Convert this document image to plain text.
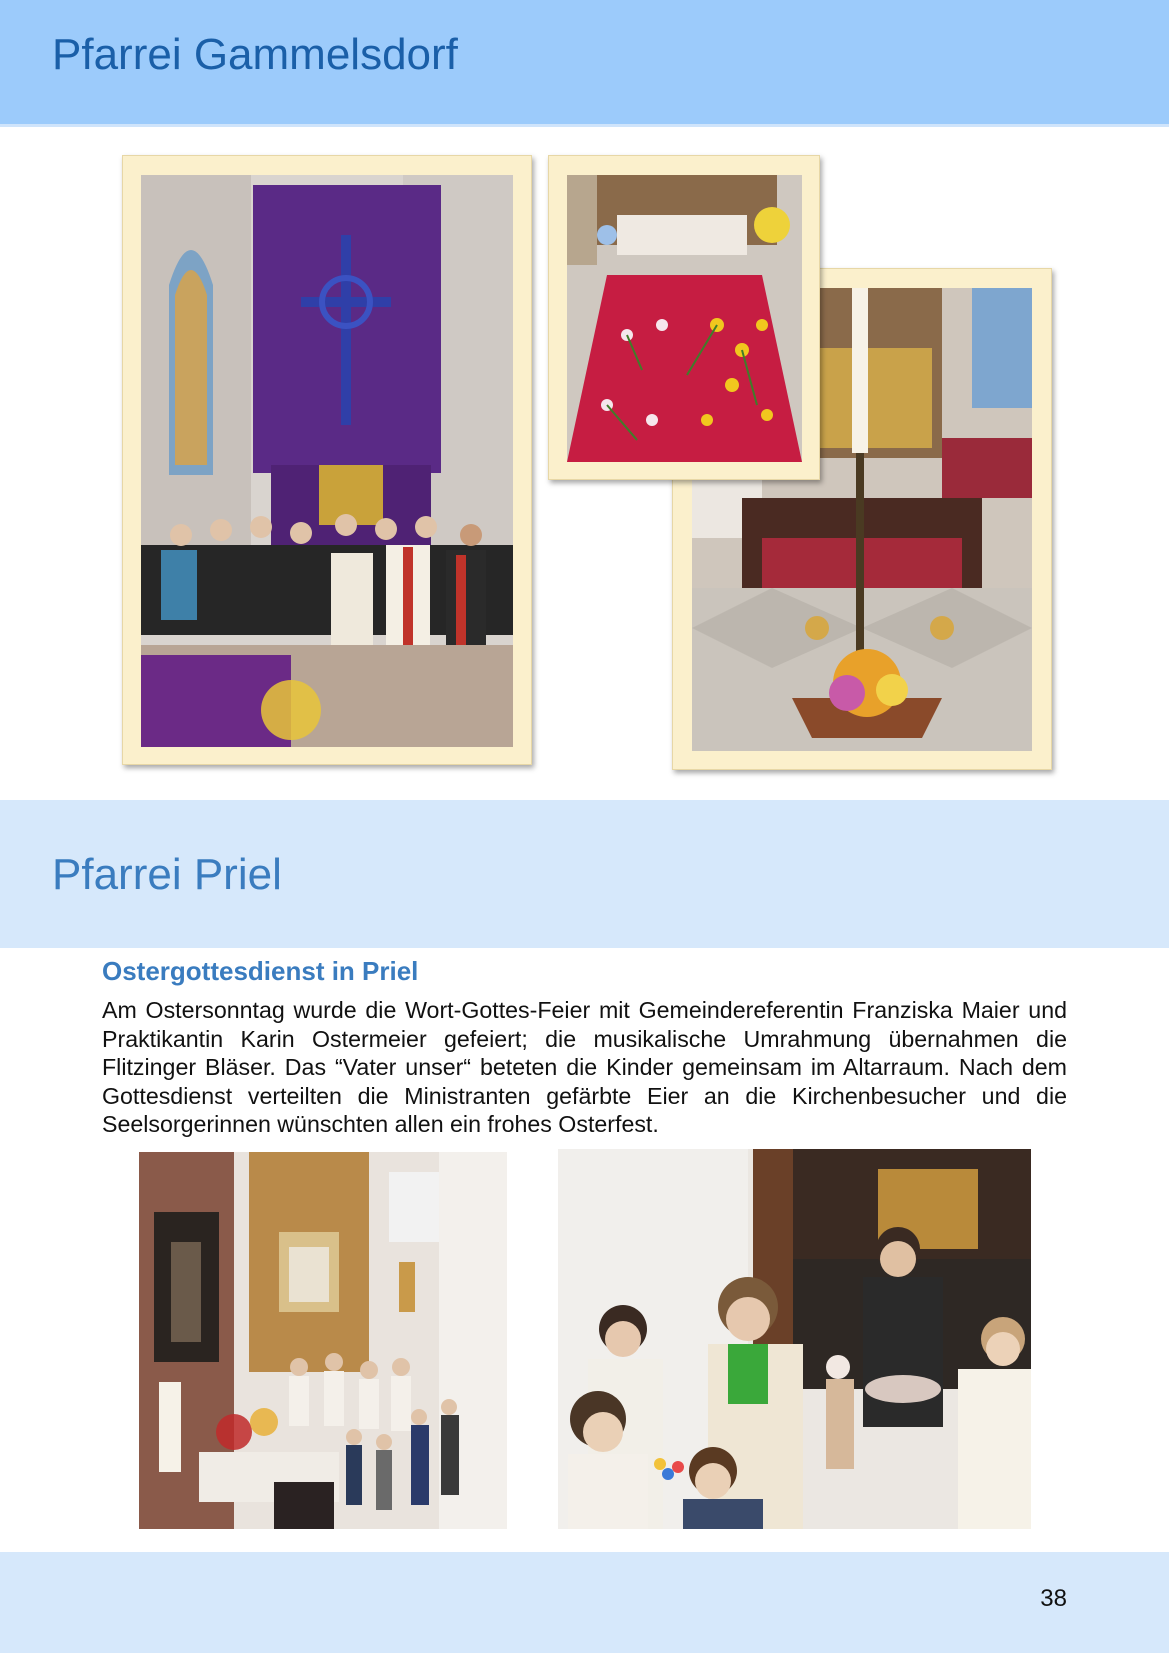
Pfarrei Gammelsdorf
Pfarrei Priel
Ostergottesdienst in Priel

Am Ostersonntag wurde die Wort-Gottes-Feier mit Gemeindereferentin Franziska Maier und Praktikantin Karin Ostermeier gefeiert; die musikalische Umrahmung übernahmen die Flitzinger Bläser. Das “Vater unser“ beteten die Kinder gemeinsam im Altarraum. Nach dem Gottesdienst verteilten die Ministranten gefärbte Eier an die Kirchenbesucher und die Seelsorgerinnen wünschten allen ein frohes Osterfest.

38
